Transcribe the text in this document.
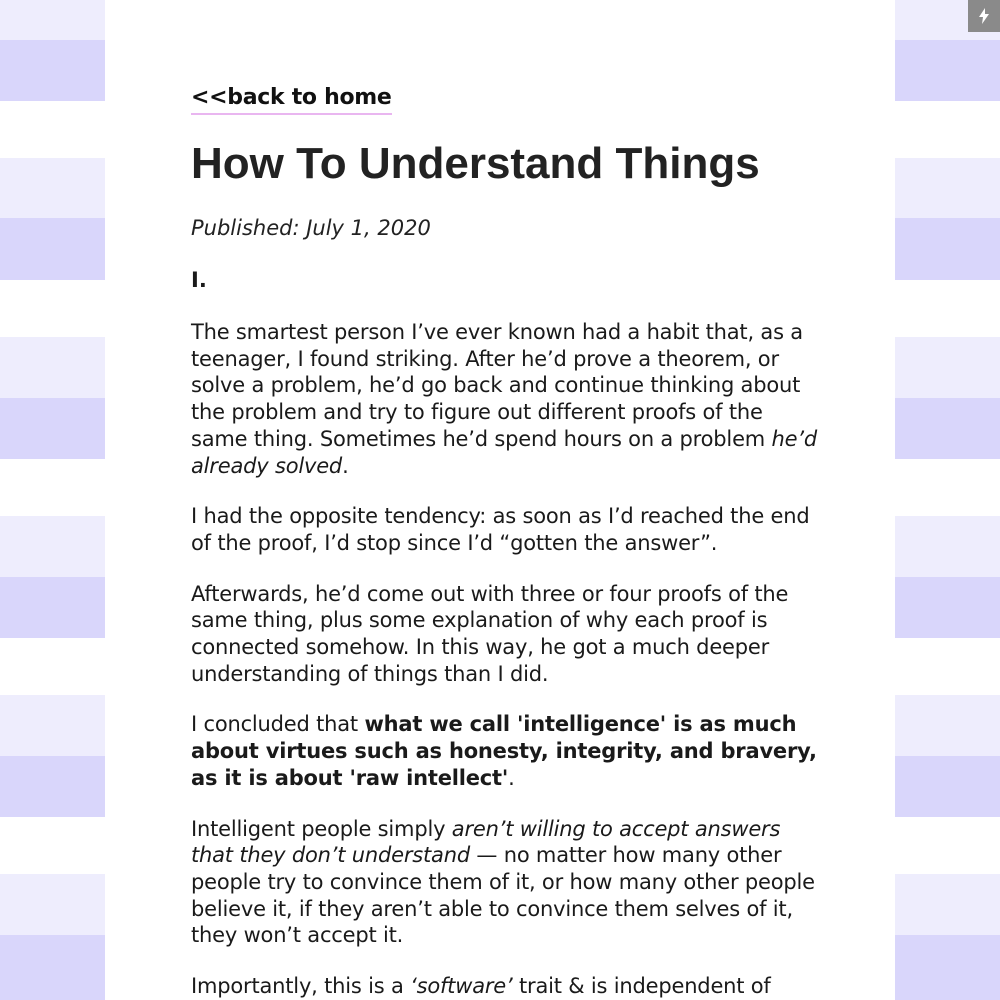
<<back to home
How To Understand Things
Published: July 1, 2020
I.

The smartest person I’ve ever known had a habit that, as a teenager, I found striking. After he’d prove a theorem, or solve a problem, he’d go back and continue thinking about the problem and try to figure out different proofs of the same thing. Sometimes he’d spend hours on a problem he’d already solved.

I had the opposite tendency: as soon as I’d reached the end of the proof, I’d stop since I’d “gotten the answer”.

Afterwards, he’d come out with three or four proofs of the same thing, plus some explanation of why each proof is connected somehow. In this way, he got a much deeper understanding of things than I did.

I concluded that what we call 'intelligence' is as much about virtues such as honesty, integrity, and bravery, as it is about 'raw intellect'.

Intelligent people simply aren’t willing to accept answers that they don’t understand — no matter how many other people try to convince them of it, or how many other people believe it, if they aren’t able to convince them selves of it, they won’t accept it.

Importantly, this is a ‘software’ trait & is independent of
